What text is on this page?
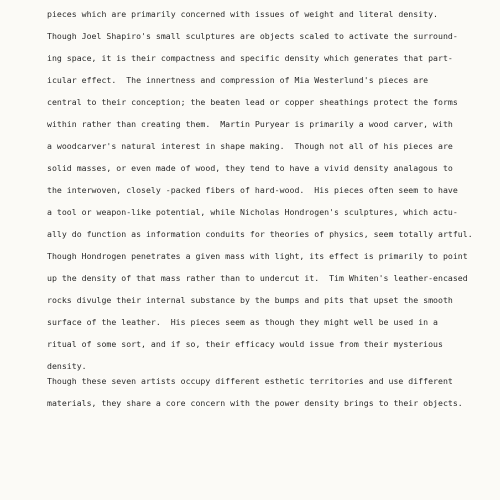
pieces which are primarily concerned with issues of weight and literal density.
Though Joel Shapiro's small sculptures are objects scaled to activate the surround-
ing space, it is their compactness and specific density which generates that part-
icular effect.  The innertness and compression of Mia Westerlund's pieces are
central to their conception; the beaten lead or copper sheathings protect the forms
within rather than creating them.  Martin Puryear is primarily a wood carver, with
a woodcarver's natural interest in shape making.  Though not all of his pieces are
solid masses, or even made of wood, they tend to have a vivid density analagous to
the interwoven, closely -packed fibers of hard-wood.  His pieces often seem to have
a tool or weapon-like potential, while Nicholas Hondrogen's sculptures, which actu-
ally do function as information conduits for theories of physics, seem totally artful.
Though Hondrogen penetrates a given mass with light, its effect is primarily to point
up the density of that mass rather than to undercut it.  Tim Whiten's leather-encased
rocks divulge their internal substance by the bumps and pits that upset the smooth
surface of the leather.  His pieces seem as though they might well be used in a
ritual of some sort, and if so, their efficacy would issue from their mysterious
density.
Though these seven artists occupy different esthetic territories and use different
materials, they share a core concern with the power density brings to their objects.
